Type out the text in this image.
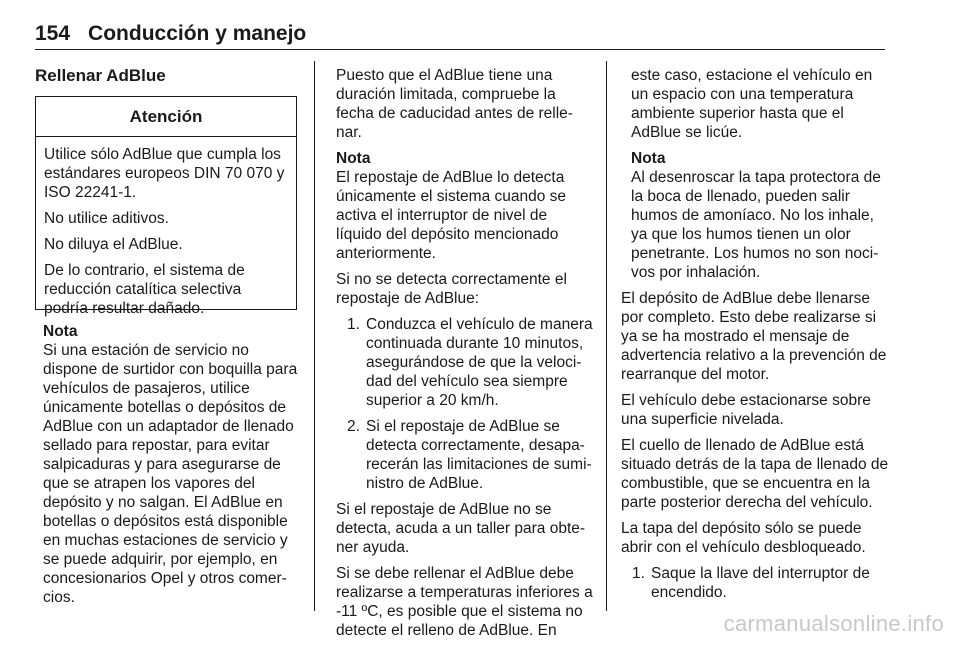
154 Conducción y manejo
Rellenar AdBlue
Atención

Utilice sólo AdBlue que cumpla los estándares europeos DIN 70 070 y ISO 22241-1.

No utilice aditivos.

No diluya el AdBlue.

De lo contrario, el sistema de reducción catalítica selectiva podría resultar dañado.

Nota

Si una estación de servicio no dispone de surtidor con boquilla para vehículos de pasajeros, utilice únicamente botellas o depósitos de AdBlue con un adaptador de llenado sellado para repostar, para evitar salpicaduras y para asegurarse de que se atrapen los vapores del depósito y no salgan. El AdBlue en botellas o depósitos está disponible en muchas estaciones de servicio y se puede adquirir, por ejemplo, en concesionarios Opel y otros comer-cios.

Puesto que el AdBlue tiene una duración limitada, compruebe la fecha de caducidad antes de relle-nar.

Nota

El repostaje de AdBlue lo detecta únicamente el sistema cuando se activa el interruptor de nivel de líquido del depósito mencionado anteriormente.

Si no se detecta correctamente el repostaje de AdBlue:

1. Conduzca el vehículo de manera continuada durante 10 minutos, asegurándose de que la veloci-dad del vehículo sea siempre superior a 20 km/h.
2. Si el repostaje de AdBlue se detecta correctamente, desapa-recerán las limitaciones de sumi-nistro de AdBlue.

Si el repostaje de AdBlue no se detecta, acuda a un taller para obte-ner ayuda.

Si se debe rellenar el AdBlue debe realizarse a temperaturas inferiores a -11 ºC, es posible que el sistema no detecte el relleno de AdBlue. En

este caso, estacione el vehículo en un espacio con una temperatura ambiente superior hasta que el AdBlue se licúe.

Nota

Al desenroscar la tapa protectora de la boca de llenado, pueden salir humos de amoníaco. No los inhale, ya que los humos tienen un olor penetrante. Los humos no son noci-vos por inhalación.

El depósito de AdBlue debe llenarse por completo. Esto debe realizarse si ya se ha mostrado el mensaje de advertencia relativo a la prevención de rearranque del motor.

El vehículo debe estacionarse sobre una superficie nivelada.

El cuello de llenado de AdBlue está situado detrás de la tapa de llenado de combustible, que se encuentra en la parte posterior derecha del vehículo.

La tapa del depósito sólo se puede abrir con el vehículo desbloqueado.

1. Saque la llave del interruptor de encendido.
carmanualsonline.info
